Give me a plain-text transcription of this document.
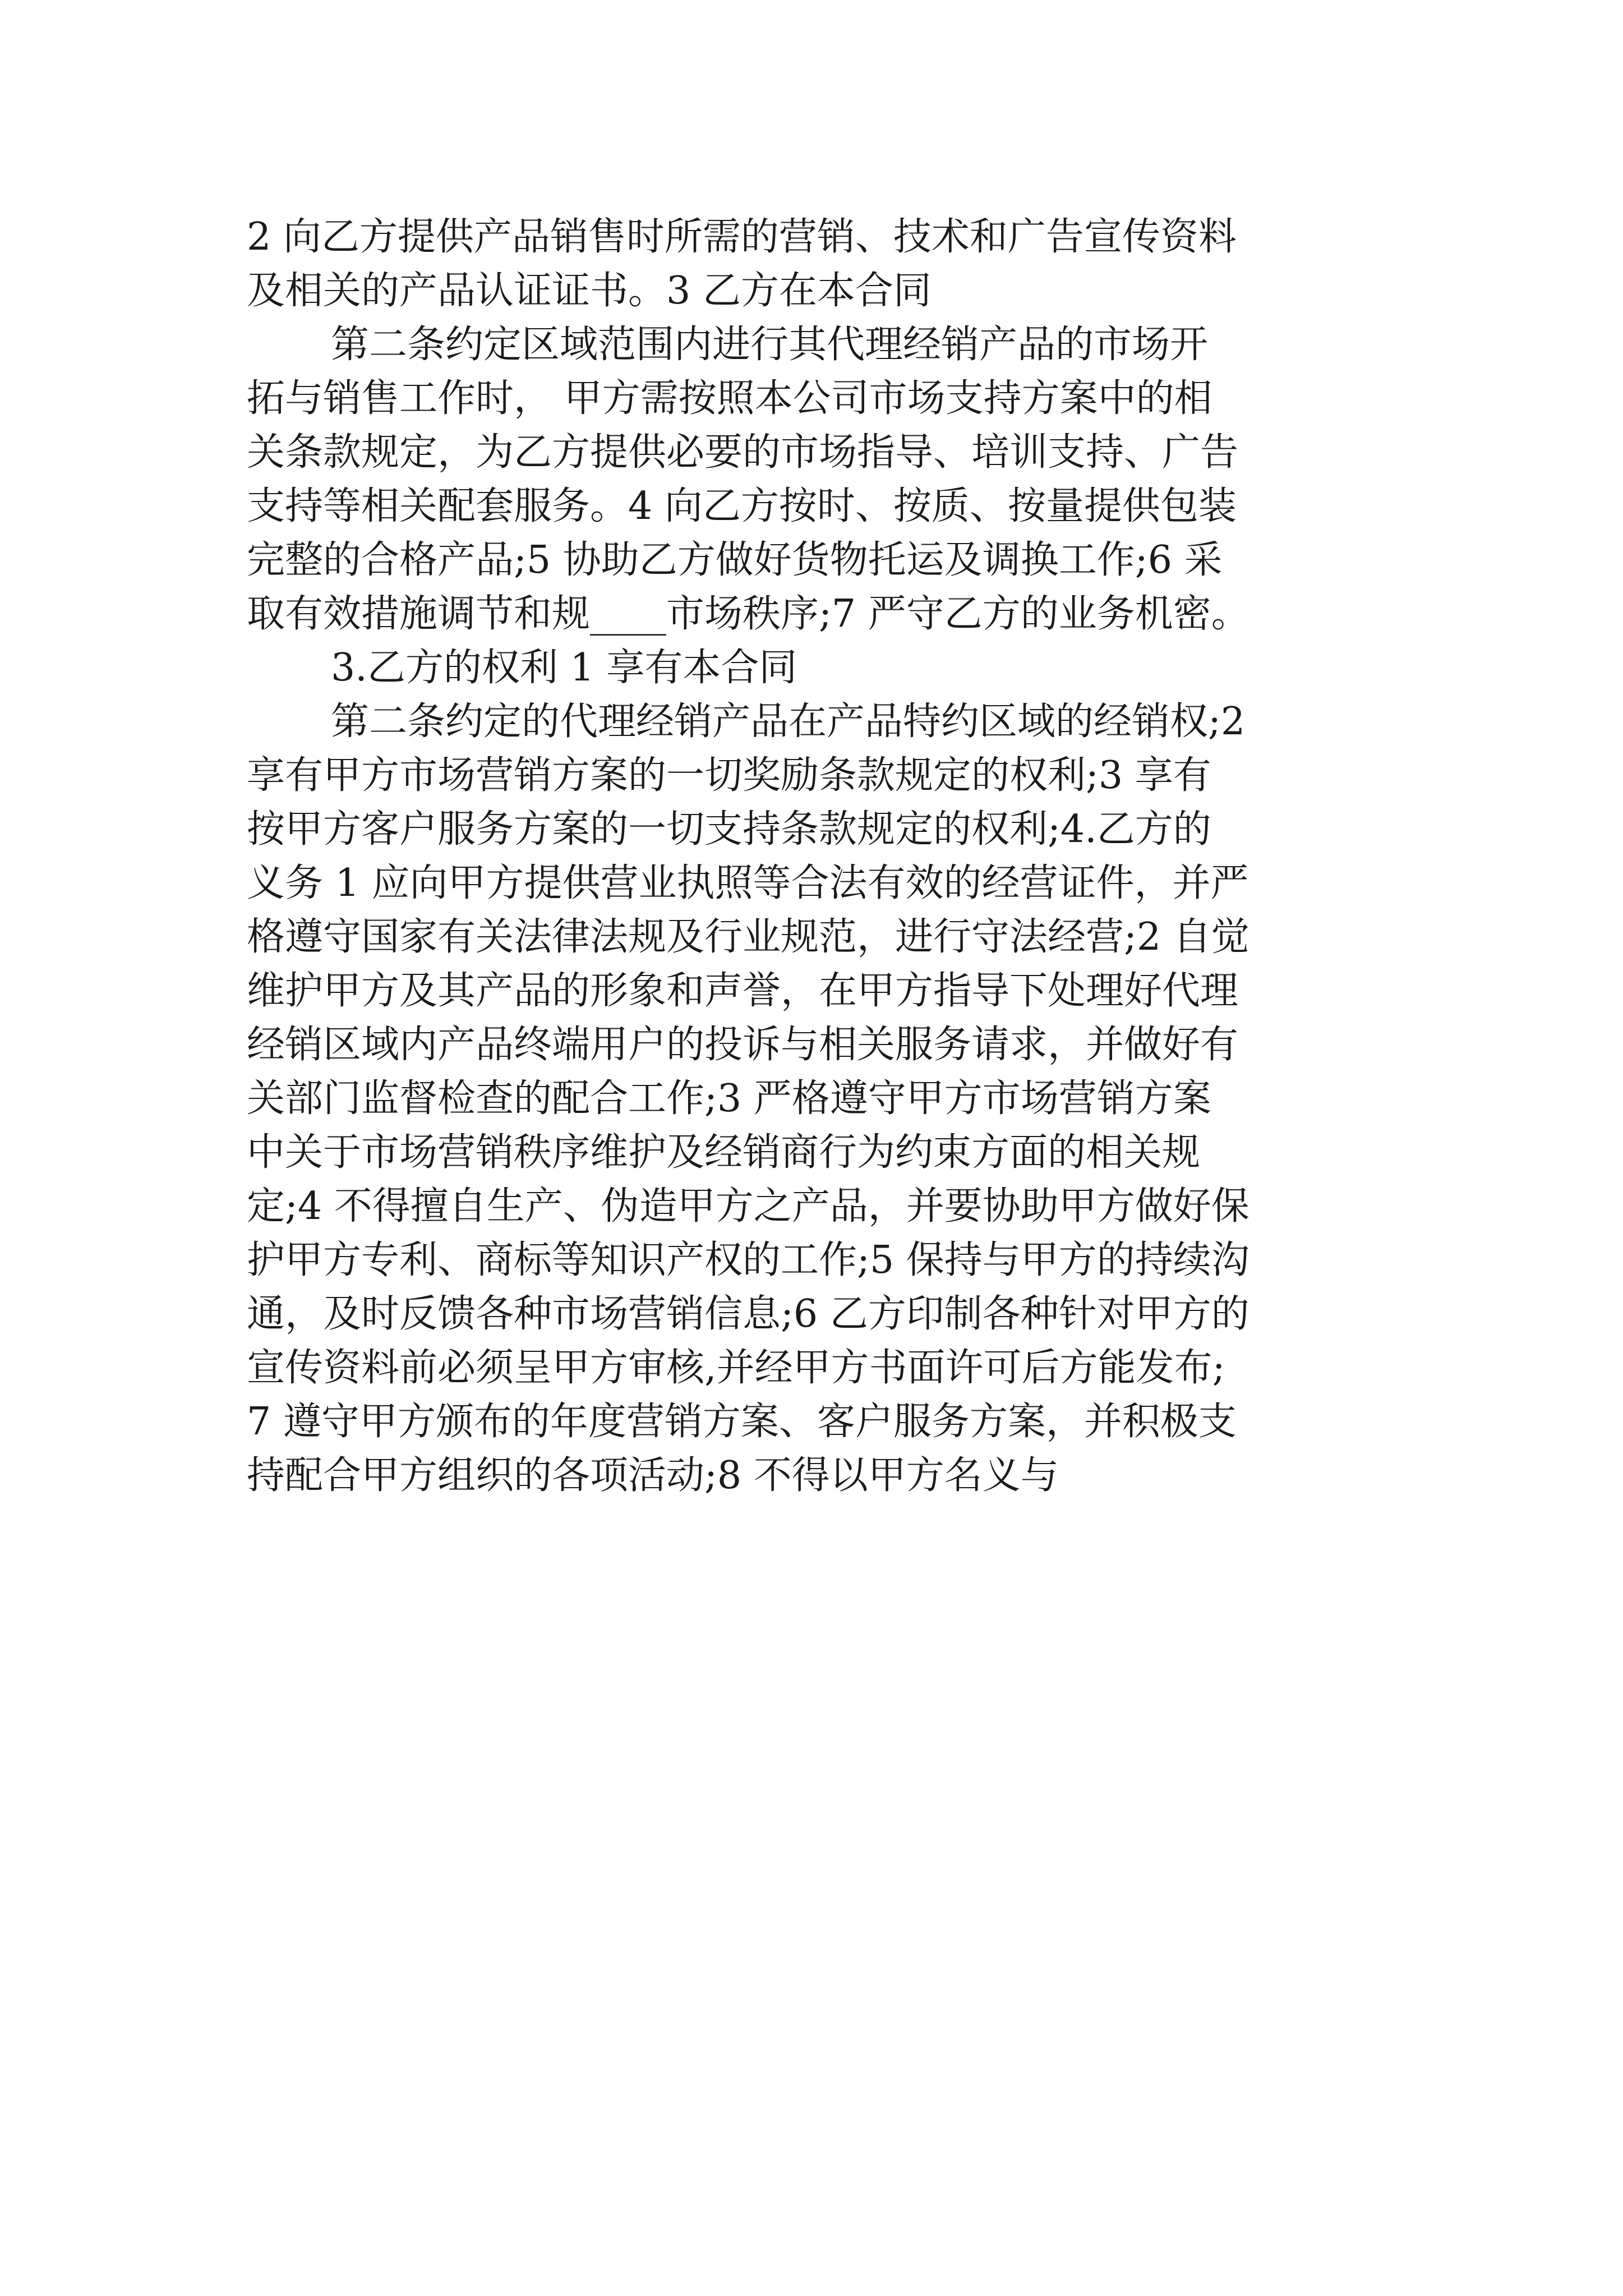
2 向乙方提供产品销售时所需的营销、技术和广告宣传资料
及相关的产品认证证书。3 乙方在本合同
第二条约定区域范围内进行其代理经销产品的市场开
拓与销售工作时， 甲方需按照本公司市场支持方案中的相
关条款规定，为乙方提供必要的市场指导、培训支持、广告
支持等相关配套服务。4 向乙方按时、按质、按量提供包装
完整的合格产品;5 协助乙方做好货物托运及调换工作;6 采
取有效措施调节和规____市场秩序;7 严守乙方的业务机密。
3.乙方的权利 1 享有本合同
第二条约定的代理经销产品在产品特约区域的经销权;2
享有甲方市场营销方案的一切奖励条款规定的权利;3 享有
按甲方客户服务方案的一切支持条款规定的权利;4.乙方的
义务 1 应向甲方提供营业执照等合法有效的经营证件，并严
格遵守国家有关法律法规及行业规范，进行守法经营;2 自觉
维护甲方及其产品的形象和声誉，在甲方指导下处理好代理
经销区域内产品终端用户的投诉与相关服务请求，并做好有
关部门监督检查的配合工作;3 严格遵守甲方市场营销方案
中关于市场营销秩序维护及经销商行为约束方面的相关规
定;4 不得擅自生产、伪造甲方之产品，并要协助甲方做好保
护甲方专利、商标等知识产权的工作;5 保持与甲方的持续沟
通，及时反馈各种市场营销信息;6 乙方印制各种针对甲方的
宣传资料前必须呈甲方审核,并经甲方书面许可后方能发布;
7 遵守甲方颁布的年度营销方案、客户服务方案，并积极支
持配合甲方组织的各项活动;8 不得以甲方名义与
